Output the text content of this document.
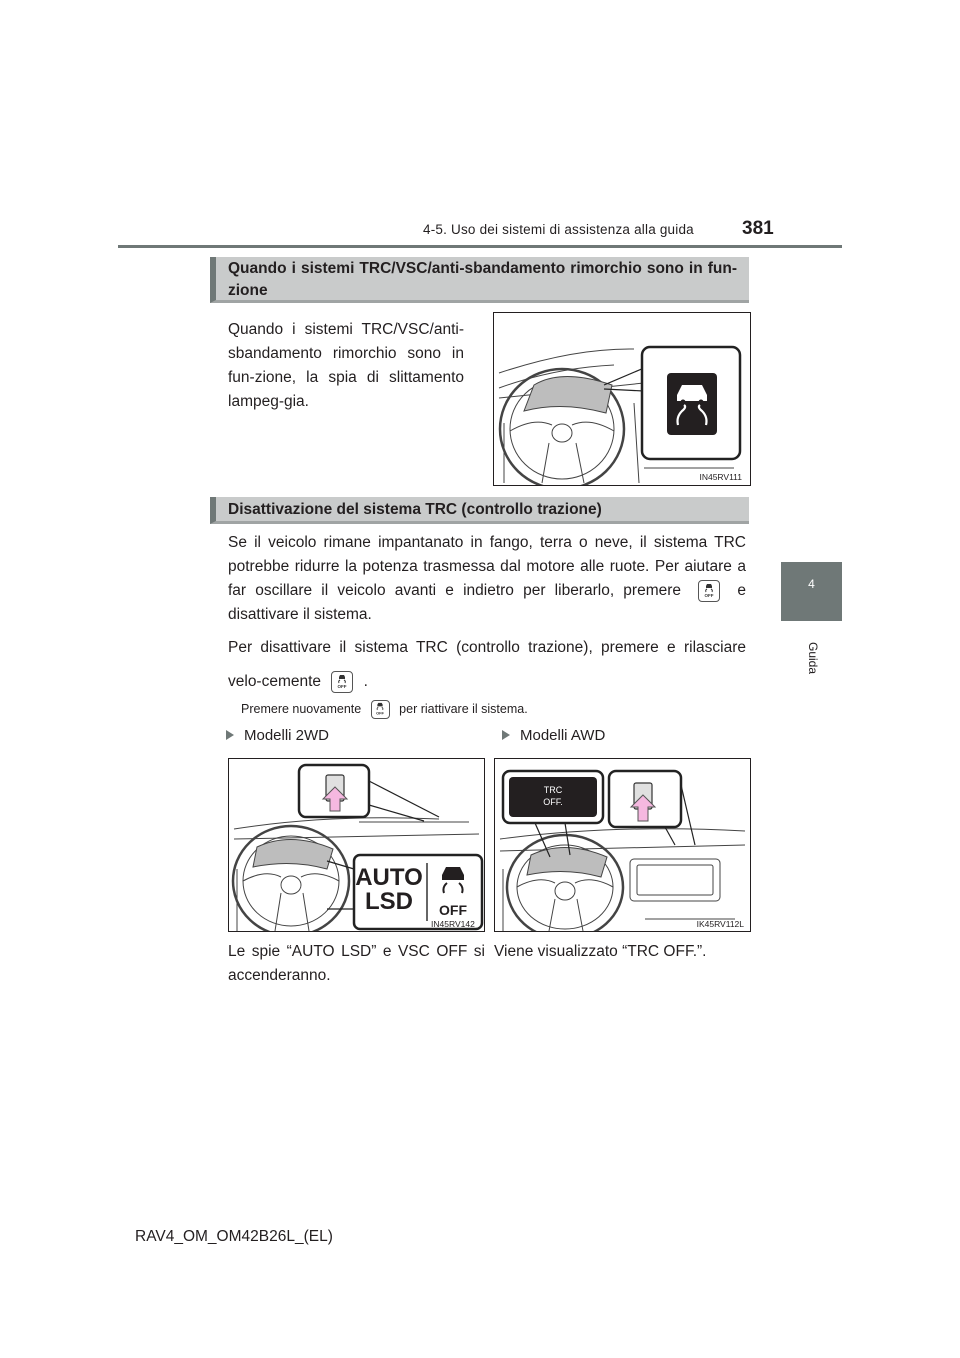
4-5. Uso dei sistemi di assistenza alla guida	381
4
Guida
Quando i sistemi TRC/VSC/anti-sbandamento rimorchio sono in fun-
zione
Quando i sistemi TRC/VSC/anti-sbandamento rimorchio sono in fun-zione, la spia di slittamento lampeg-gia.
IN45RV111
Disattivazione del sistema TRC (controllo trazione)
Se il veicolo rimane impantanato in fango, terra o neve, il sistema TRC potrebbe ridurre la potenza trasmessa dal motore alle ruote. Per aiutare a far oscillare il veicolo avanti e indietro per liberarlo, premere	OFF e disattivare il sistema.
Per disattivare il sistema TRC (controllo trazione), premere e rilasciare velo-cemente	OFF .
Premere nuovamente	OFF per riattivare il sistema.
Modelli 2WD	Modelli AWD
AUTO
LSD OFF
IN45RV142
TRC
OFF.
IK45RV112L
Le spie “AUTO LSD” e VSC OFF si accenderanno.
Viene visualizzato “TRC OFF.”.
RAV4_OM_OM42B26L_(EL)
